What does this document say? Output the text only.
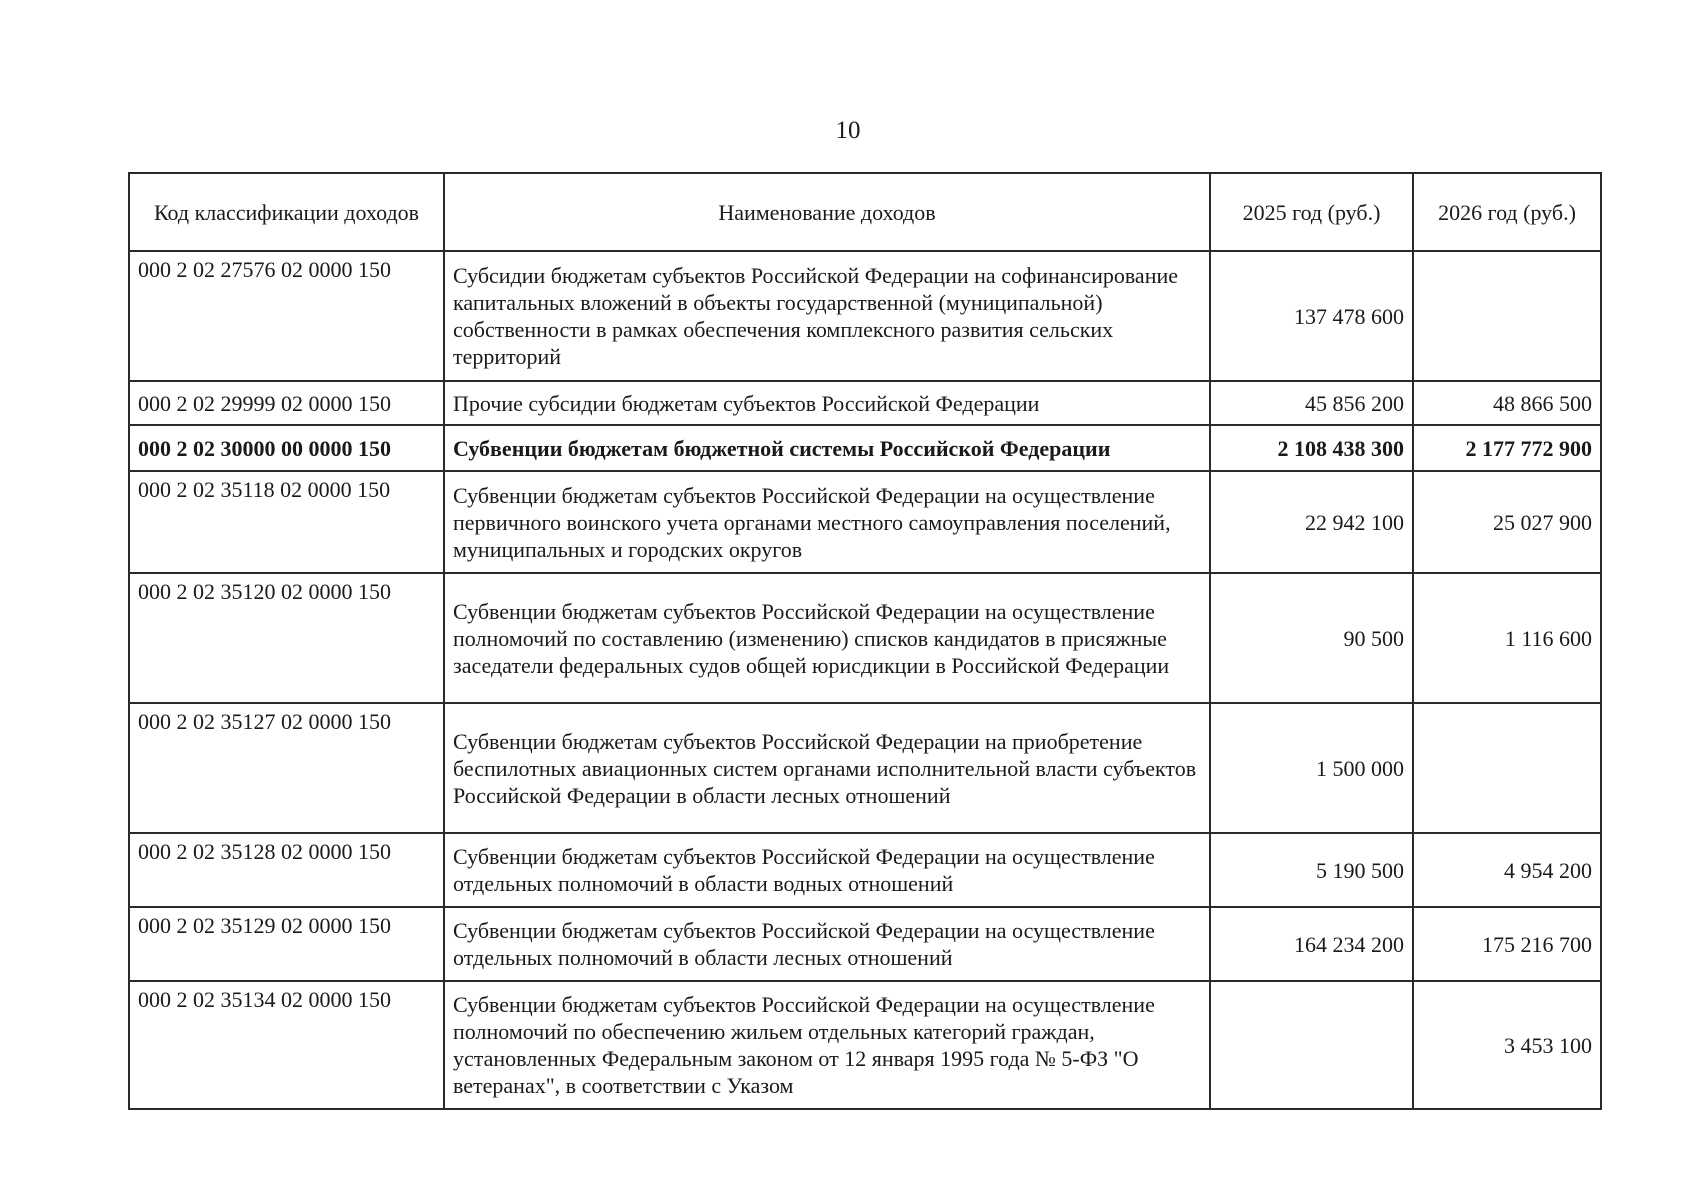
10
Код классификации доходов	Наименование доходов	2025 год (руб.)	2026 год (руб.)
000 2 02 27576 02 0000 150	Субсидии бюджетам субъектов Российской Федерации на софинансирование капитальных вложений в объекты государственной (муниципальной) собственности в рамках обеспечения комплексного развития сельских территорий	137 478 600	
000 2 02 29999 02 0000 150	Прочие субсидии бюджетам субъектов Российской Федерации	45 856 200	48 866 500
000 2 02 30000 00 0000 150	Субвенции бюджетам бюджетной системы Российской Федерации	2 108 438 300	2 177 772 900
000 2 02 35118 02 0000 150	Субвенции бюджетам субъектов Российской Федерации на осуществление первичного воинского учета органами местного самоуправления поселений, муниципальных и городских округов	22 942 100	25 027 900
000 2 02 35120 02 0000 150	Субвенции бюджетам субъектов Российской Федерации на осуществление полномочий по составлению (изменению) списков кандидатов в присяжные заседатели федеральных судов общей юрисдикции в Российской Федерации	90 500	1 116 600
000 2 02 35127 02 0000 150	Субвенции бюджетам субъектов Российской Федерации на приобретение беспилотных авиационных систем органами исполнительной власти субъектов Российской Федерации в области лесных отношений	1 500 000	
000 2 02 35128 02 0000 150	Субвенции бюджетам субъектов Российской Федерации на осуществление отдельных полномочий в области водных отношений	5 190 500	4 954 200
000 2 02 35129 02 0000 150	Субвенции бюджетам субъектов Российской Федерации на осуществление отдельных полномочий в области лесных отношений	164 234 200	175 216 700
000 2 02 35134 02 0000 150	Субвенции бюджетам субъектов Российской Федерации на осуществление полномочий по обеспечению жильем отдельных категорий граждан, установленных Федеральным законом от 12 января 1995 года № 5-ФЗ "О ветеранах", в соответствии с Указом		3 453 100
